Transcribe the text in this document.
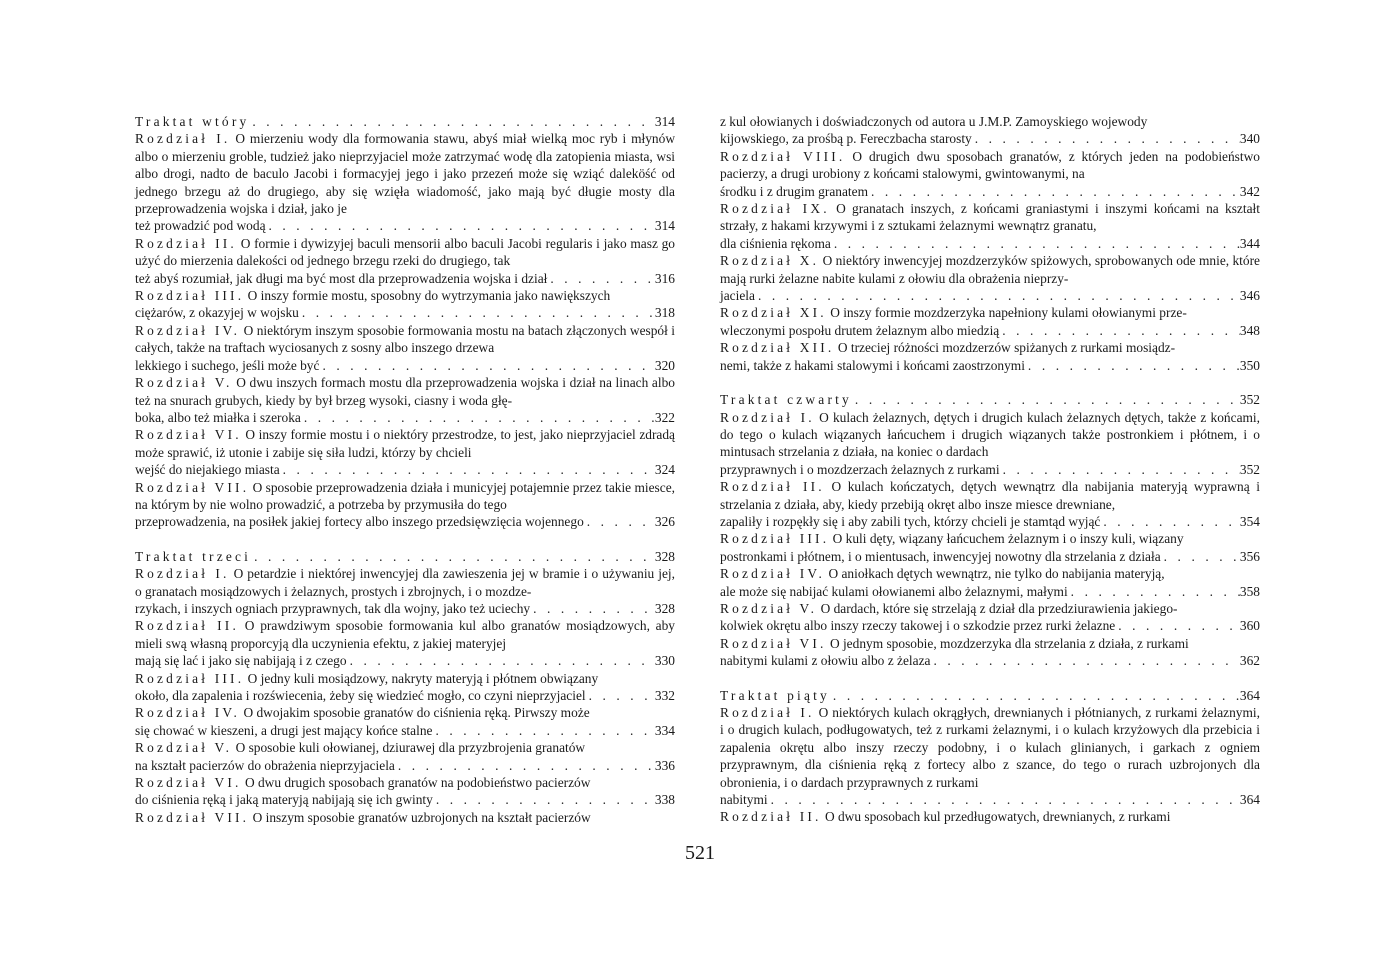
Traktat wtóry . . .	314
Rozdział I. O mierzeniu wody dla formowania stawu, abyś miał wielką moc ryb i młynów albo o mierzeniu groble, tudzież jako nieprzyjaciel może zatrzymać wodę dla zatopienia miasta, wsi albo drogi, nadto de baculo Jacobi i formacyjej jego i jako przezeń może się wziąć daleköść od jednego brzegu aż do drugiego, aby się wzięła wiadomość, jako mają być długie mosty dla przeprowadzenia wojska i dział, jako je
też prowadzić pod wodą . . .	314
Rozdział II. O formie i dywizyjej baculi mensorii albo baculi Jacobi regularis i jako masz go użyć do mierzenia dalekości od jednego brzegu rzeki do drugiego, tak
też abyś rozumiał, jak długi ma być most dla przeprowadzenia wojska i dział . . .	316
Rozdział III. O inszy formie mostu, sposobny do wytrzymania jako nawiększych
ciężarów, z okazyjej w wojsku . . .	318
Rozdział IV. O niektórym inszym sposobie formowania mostu na batach złączonych wespół i całych, także na traftach wyciosanych z sosny albo inszego drzewa
lekkiego i suchego, jeśli może być . . .	320
Rozdział V. O dwu inszych formach mostu dla przeprowadzenia wojska i dział na linach albo też na snurach grubych, kiedy by był brzeg wysoki, ciasny i woda głę-
boka, albo też miałka i szeroka . . .	322
Rozdział VI. O inszy formie mostu i o niektóry przestrodze, to jest, jako nieprzyjaciel zdradą może sprawić, iż utonie i zabije się siła ludzi, którzy by chcieli
wejść do niejakiego miasta . . .	324
Rozdział VII. O sposobie przeprowadzenia działa i municyjej potajemnie przez takie miesce, na którym by nie wolno prowadzić, a potrzeba by przymusiła do tego
przeprowadzenia, na posiłek jakiej fortecy albo inszego przedsięwzięcia wojennego . . .	326
Traktat trzeci . . .	328
Rozdział I. O petardzie i niektórej inwencyjej dla zawieszenia jej w bramie i o używaniu jej, o granatach mosiądzowych i żelaznych, prostych i zbrojnych, i o mozdze-
rzykach, i inszych ogniach przyprawnych, tak dla wojny, jako też uciechy . . .	328
Rozdział II. O prawdziwym sposobie formowania kul albo granatów mosiądzowych, aby mieli swą własną proporcyją dla uczynienia efektu, z jakiej materyjej
mają się lać i jako się nabijają i z czego . . .	330
Rozdział III. O jedny kuli mosiądzowy, nakryty materyją i płótnem obwiązany
około, dla zapalenia i rozświecenia, żeby się wiedzieć mogło, co czyni nieprzyjaciel . . .	332
Rozdział IV. O dwojakim sposobie granatów do ciśnienia ręką. Pirwszy może
się chować w kieszeni, a drugi jest mający końce stalne . . .	334
Rozdział V. O sposobie kuli ołowianej, dziurawej dla przyzbrojenia granatów
na kształt pacierzów do obrażenia nieprzyjaciela . . .	336
Rozdział VI. O dwu drugich sposobach granatów na podobieństwo pacierzów
do ciśnienia ręką i jaką materyją nabijają się ich gwinty . . .	338
Rozdział VII. O inszym sposobie granatów uzbrojonych na kształt pacierzów
z kul ołowianych i doświadczonych od autora u J.M.P. Zamoyskiego wojewody
kijowskiego, za prośbą p. Fereczbacha starosty . . .	340
Rozdział VIII. O drugich dwu sposobach granatów, z których jeden na podobieństwo pacierzy, a drugi urobiony z końcami stalowymi, gwintowanymi, na
środku i z drugim granatem . . .	342
Rozdział IX. O granatach inszych, z końcami graniastymi i inszymi końcami na kształt strzały, z hakami krzywymi i z sztukami żelaznymi wewnątrz granatu,
dla ciśnienia rękoma . . .	344
Rozdział X. O niektóry inwencyjej mozdzerzyków spiżowych, sprobowanych ode mnie, które mają rurki żelazne nabite kulami z ołowiu dla obrażenia nieprzy-
jaciela . . .	346
Rozdział XI. O inszy formie mozdzerzyka napełniony kulami ołowianymi prze-
wleczonymi pospołu drutem żelaznym albo miedzią . . .	348
Rozdział XII. O trzeciej różności mozdzerzów spiżanych z rurkami mosiądz-
nemi, także z hakami stalowymi i końcami zaostrzonymi . . .	350
Traktat czwarty . . .	352
Rozdział I. O kulach żelaznych, dętych i drugich kulach żelaznych dętych, także z końcami, do tego o kulach wiązanych łańcuchem i drugich wiązanych także postronkiem i płótnem, i o mintusach strzelania z działa, na koniec o dardach
przyprawnych i o mozdzerzach żelaznych z rurkami . . .	352
Rozdział II. O kulach kończatych, dętych wewnątrz dla nabijania materyją wyprawną i strzelania z działa, aby, kiedy przebiją okręt albo insze miesce drewniane,
zapaliły i rozpękły się i aby zabili tych, którzy chcieli je stamtąd wyjąć . . .	354
Rozdział III. O kuli dęty, wiązany łańcuchem żelaznym i o inszy kuli, wiązany
postronkami i płótnem, i o mientusach, inwencyjej nowotny dla strzelania z działa . . .	356
Rozdział IV. O aniołkach dętych wewnątrz, nie tylko do nabijania materyją,
ale może się nabijać kulami ołowianemi albo żelaznymi, małymi . . .	358
Rozdział V. O dardach, które się strzelają z dział dla przedziurawienia jakiego-
kolwiek okrętu albo inszy rzeczy takowej i o szkodzie przez rurki żelazne . . .	360
Rozdział VI. O jednym sposobie, mozdzerzyka dla strzelania z działa, z rurkami
nabitymi kulami z ołowiu albo z żelaza . . .	362
Traktat piąty . . .	364
Rozdział I. O niektórych kulach okrągłych, drewnianych i płótnianych, z rurkami żelaznymi, i o drugich kulach, podługowatych, też z rurkami żelaznymi, i o kulach krzyżowych dla przebicia i zapalenia okrętu albo inszy rzeczy podobny, i o kulach glinianych, i garkach z ogniem przyprawnym, dla ciśnienia ręką z fortecy albo z szance, do tego o rurach uzbrojonych dla obronienia, i o dardach przyprawnych z rurkami
nabitymi . . .	364
Rozdział II. O dwu sposobach kul przedługowatych, drewnianych, z rurkami
521
